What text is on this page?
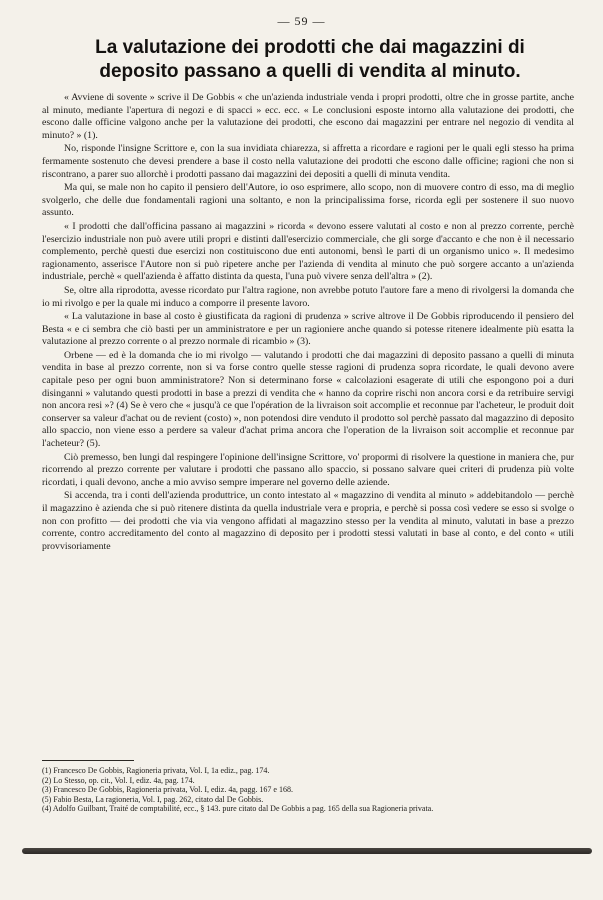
— 59 —
La valutazione dei prodotti che dai magazzini di
deposito passano a quelli di vendita al minuto.

« Avviene di sovente » scrive il De Gobbis « che un'azienda industriale venda i propri prodotti, oltre che in grosse partite, anche al minuto, mediante l'apertura di negozi e di spacci » ecc. ecc. « Le conclusioni esposte intorno alla valutazione dei prodotti, che escono dalle officine valgono anche per la valutazione dei prodotti, che escono dai magazzini per entrare nel negozio di vendita al minuto? » (1).

No, risponde l'insigne Scrittore e, con la sua invidiata chiarezza, si affretta a ricordare e ragioni per le quali egli stesso ha prima fermamente sostenuto che devesi prendere a base il costo nella valutazione dei prodotti che escono dalle officine; ragioni che non si riscontrano, a parer suo allorchè i prodotti passano dai magazzini dei depositi a quelli di minuta vendita.

Ma qui, se male non ho capito il pensiero dell'Autore, io oso esprimere, allo scopo, non di muovere contro di esso, ma di meglio svolgerlo, che delle due fondamentali ragioni una soltanto, e non la principalissima forse, ricorda egli per sostenere il suo nuovo assunto.

« I prodotti che dall'officina passano ai magazzini » ricorda « devono essere valutati al costo e non al prezzo corrente, perchè l'esercizio industriale non può avere utili propri e distinti dall'esercizio commerciale, che gli sorge d'accanto e che non è il necessario complemento, perchè questi due esercizi non costituiscono due enti autonomi, bensì le parti di un organismo unico ». Il medesimo ragionamento, asserisce l'Autore non si può ripetere anche per l'azienda di vendita al minuto che può sorgere accanto a un'azienda industriale, perchè « quell'azienda è affatto distinta da questa, l'una può vivere senza dell'altra » (2).

Se, oltre alla riprodotta, avesse ricordato pur l'altra ragione, non avrebbe potuto l'autore fare a meno di rivolgersi la domanda che io mi rivolgo e per la quale mi induco a comporre il presente lavoro.

« La valutazione in base al costo è giustificata da ragioni di prudenza » scrive altrove il De Gobbis riproducendo il pensiero del Besta « e ci sembra che ciò basti per un amministratore e per un ragioniere anche quando si potesse ritenere idealmente più esatta la valutazione al prezzo corrente o al prezzo normale di ricambio » (3).

Orbene — ed è la domanda che io mi rivolgo — valutando i prodotti che dai magazzini di deposito passano a quelli di minuta vendita in base al prezzo corrente, non si va forse contro quelle stesse ragioni di prudenza sopra ricordate, le quali devono avere capitale peso per ogni buon amministratore? Non si determinano forse « calcolazioni esagerate di utili che espongono poi a duri disinganni » valutando questi prodotti in base a prezzi di vendita che « hanno da coprire rischi non ancora corsi e da retribuire servigi non ancora resi »? (4) Se è vero che « jusqu'à ce que l'opération de la livraison soit accomplie et reconnue par l'acheteur, le produit doit conserver sa valeur d'achat ou de revient (costo) », non potendosi dire venduto il prodotto sol perchè passato dal magazzino di deposito allo spaccio, non viene esso a perdere sa valeur d'achat prima ancora che l'operation de la livraison soit accomplie et reconnue par l'acheteur? (5).

Ciò premesso, ben lungi dal respingere l'opinione dell'insigne Scrittore, vo' propormi di risolvere la questione in maniera che, pur ricorrendo al prezzo corrente per valutare i prodotti che passano allo spaccio, si possano salvare quei criteri di prudenza più volte ricordati, i quali devono, anche a mio avviso sempre imperare nel governo delle aziende.

Si accenda, tra i conti dell'azienda produttrice, un conto intestato al « magazzino di vendita al minuto » addebitandolo — perchè il magazzino è azienda che si può ritenere distinta da quella industriale vera e propria, e perchè si possa così vedere se esso si svolge o non con profitto — dei prodotti che via via vengono affidati al magazzino stesso per la vendita al minuto, valutati in base a prezzo corrente, contro accreditamento del conto al magazzino di deposito per i prodotti stessi valutati in base al conto, e del conto « utili provvisoriamente

(1) Francesco De Gobbis, Ragioneria privata, Vol. I, 1a ediz., pag. 174.

(2) Lo Stesso, op. cit., Vol. I, ediz. 4a, pag. 174.

(3) Francesco De Gobbis, Ragioneria privata, Vol. I, ediz. 4a, pagg. 167 e 168.

(5) Fabio Besta, La ragioneria, Vol. I, pag. 262, citato dal De Gobbis.

(4) Adolfo Guilbant, Traité de comptabilité, ecc., § 143. pure citato dal De Gobbis a pag. 165 della sua Ragioneria privata.
